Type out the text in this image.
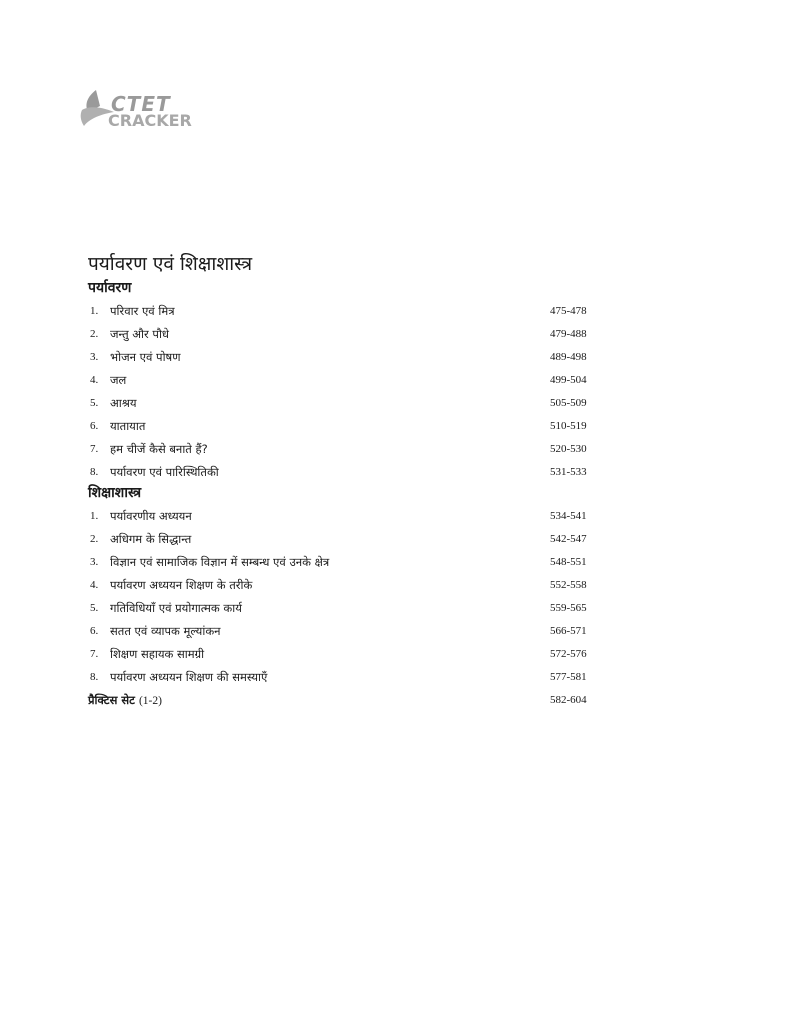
CTET
CRACKER
पर्यावरण एवं शिक्षाशास्त्र
पर्यावरण
1. परिवार एवं मित्र	475-478
2. जन्तु और पौधे	479-488
3. भोजन एवं पोषण	489-498
4. जल	499-504
5. आश्रय	505-509
6. यातायात	510-519
7. हम चीजें कैसे बनाते हैं?	520-530
8. पर्यावरण एवं पारिस्थितिकी	531-533
शिक्षाशास्त्र
1. पर्यावरणीय अध्ययन	534-541
2. अधिगम के सिद्धान्त	542-547
3. विज्ञान एवं सामाजिक विज्ञान में सम्बन्ध एवं उनके क्षेत्र	548-551
4. पर्यावरण अध्ययन शिक्षण के तरीके	552-558
5. गतिविधियाँ एवं प्रयोगात्मक कार्य	559-565
6. सतत एवं व्यापक मूल्यांकन	566-571
7. शिक्षण सहायक सामग्री	572-576
8. पर्यावरण अध्ययन शिक्षण की समस्याएँ	577-581
प्रैक्टिस सेट (1-2)	582-604
